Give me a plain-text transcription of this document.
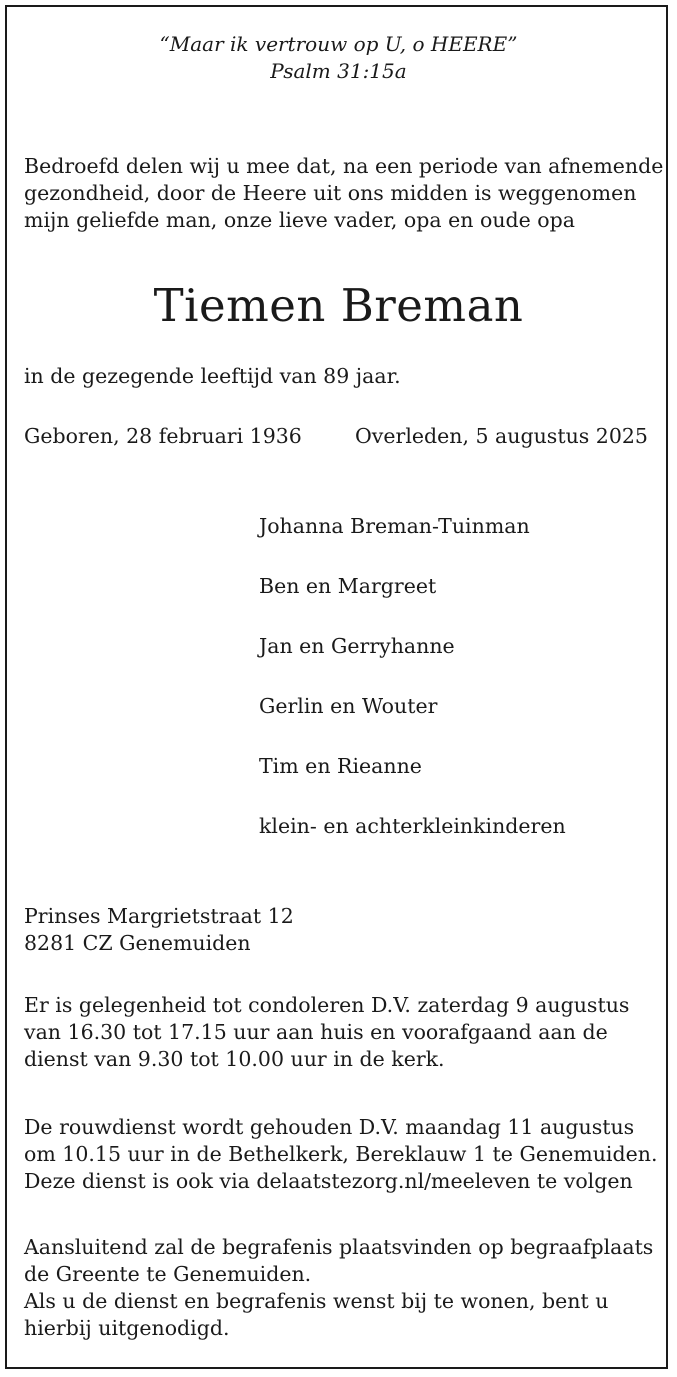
“Maar ik vertrouw op U, o HEERE”
Psalm 31:15a
Bedroefd delen wij u mee dat, na een periode van afnemende
gezondheid, door de Heere uit ons midden is weggenomen
mijn geliefde man, onze lieve vader, opa en oude opa
Tiemen Breman
in de gezegende leeftijd van 89 jaar.
Geboren, 28 februari 1936	Overleden, 5 augustus 2025
Johanna Breman-Tuinman
Ben en Margreet
Jan en Gerryhanne
Gerlin en Wouter
Tim en Rieanne
klein- en achterkleinkinderen
Prinses Margrietstraat 12
8281 CZ Genemuiden
Er is gelegenheid tot condoleren D.V. zaterdag 9 augustus
van 16.30 tot 17.15 uur aan huis en voorafgaand aan de
dienst van 9.30 tot 10.00 uur in de kerk.
De rouwdienst wordt gehouden D.V. maandag 11 augustus
om 10.15 uur in de Bethelkerk, Bereklauw 1 te Genemuiden.
Deze dienst is ook via delaatstezorg.nl/meeleven te volgen
Aansluitend zal de begrafenis plaatsvinden op begraafplaats
de Greente te Genemuiden.
Als u de dienst en begrafenis wenst bij te wonen, bent u
hierbij uitgenodigd.
